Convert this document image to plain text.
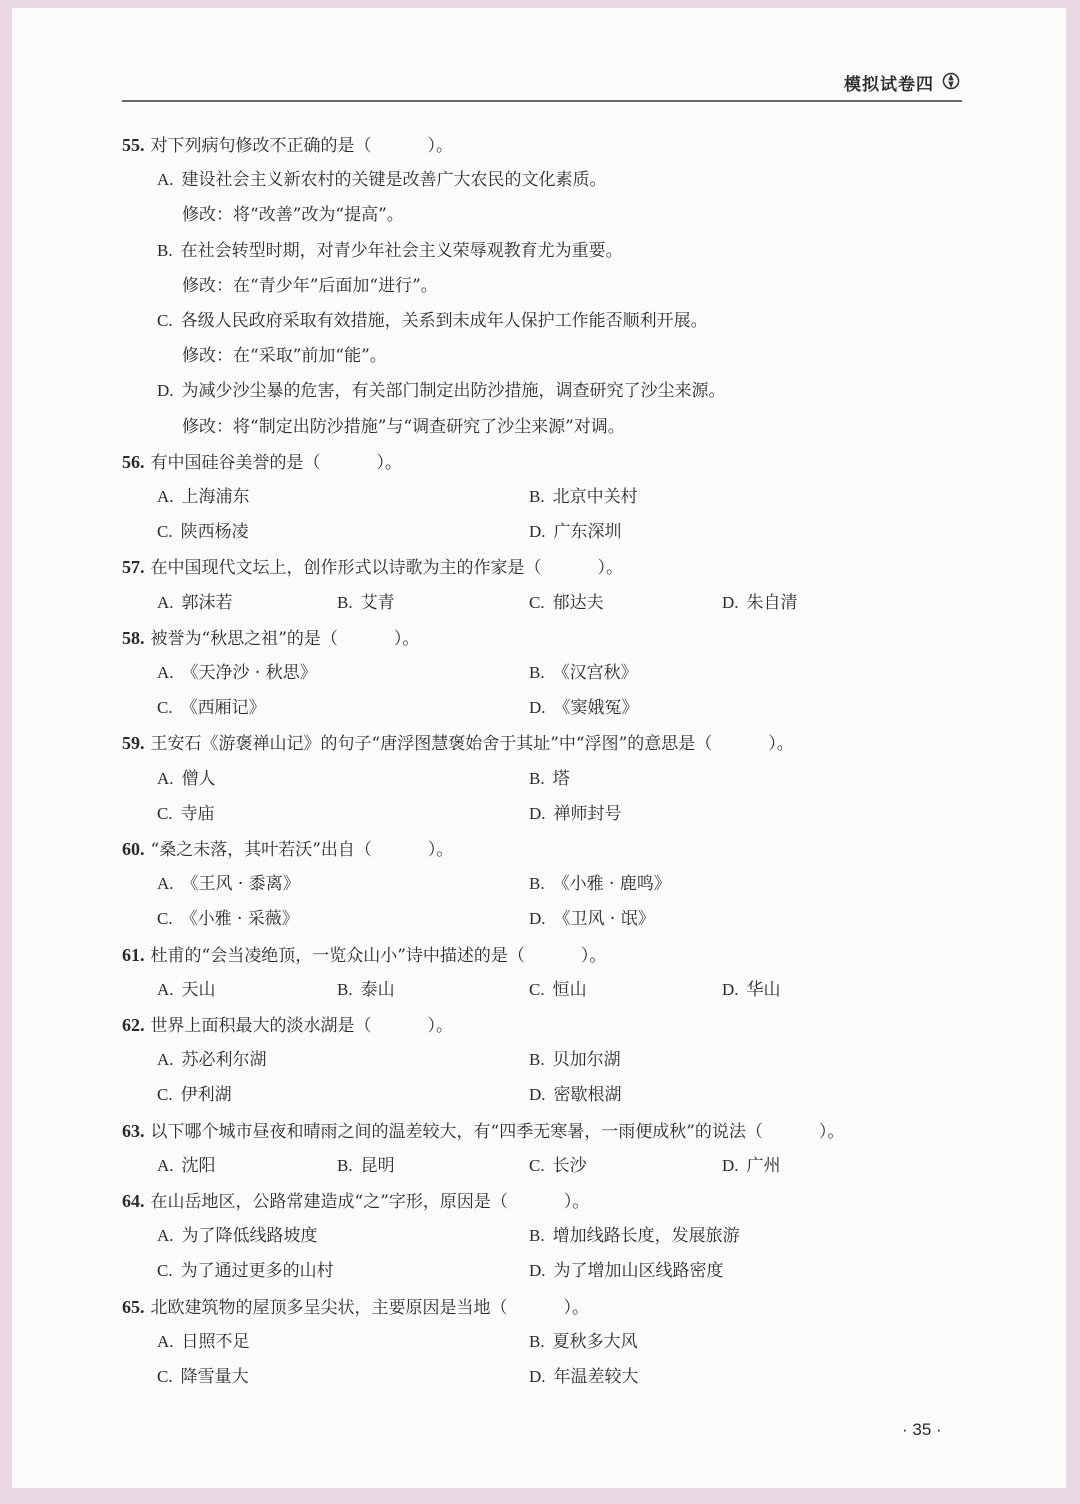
模拟试卷四
55. 对下列病句修改不正确的是（	）。
A. 建设社会主义新农村的关键是改善广大农民的文化素质。
修改：将“改善”改为“提高”。
B. 在社会转型时期，对青少年社会主义荣辱观教育尤为重要。
修改：在“青少年”后面加“进行”。
C. 各级人民政府采取有效措施，关系到未成年人保护工作能否顺利开展。
修改：在“采取”前加“能”。
D. 为减少沙尘暴的危害，有关部门制定出防沙措施，调查研究了沙尘来源。
修改：将“制定出防沙措施”与“调查研究了沙尘来源”对调。
56. 有中国硅谷美誉的是（	）。
A. 上海浦东	B. 北京中关村
C. 陕西杨凌	D. 广东深圳
57. 在中国现代文坛上，创作形式以诗歌为主的作家是（	）。
A. 郭沫若	B. 艾青	C. 郁达夫	D. 朱自清
58. 被誉为“秋思之祖”的是（	）。
A. 《天净沙 · 秋思》	B. 《汉宫秋》
C. 《西厢记》	D. 《窦娥冤》
59. 王安石《游褒禅山记》的句子“唐浮图慧褒始舍于其址”中“浮图”的意思是（	）。
A. 僧人	B. 塔
C. 寺庙	D. 禅师封号
60. “桑之未落，其叶若沃”出自（	）。
A. 《王风 · 黍离》	B. 《小雅 · 鹿鸣》
C. 《小雅 · 采薇》	D. 《卫风 · 氓》
61. 杜甫的“会当凌绝顶，一览众山小”诗中描述的是（	）。
A. 天山	B. 泰山	C. 恒山	D. 华山
62. 世界上面积最大的淡水湖是（	）。
A. 苏必利尔湖	B. 贝加尔湖
C. 伊利湖	D. 密歇根湖
63. 以下哪个城市昼夜和晴雨之间的温差较大，有“四季无寒暑，一雨便成秋”的说法（	）。
A. 沈阳	B. 昆明	C. 长沙	D. 广州
64. 在山岳地区，公路常建造成“之”字形，原因是（	）。
A. 为了降低线路坡度	B. 增加线路长度，发展旅游
C. 为了通过更多的山村	D. 为了增加山区线路密度
65. 北欧建筑物的屋顶多呈尖状，主要原因是当地（	）。
A. 日照不足	B. 夏秋多大风
C. 降雪量大	D. 年温差较大
· 35 ·
